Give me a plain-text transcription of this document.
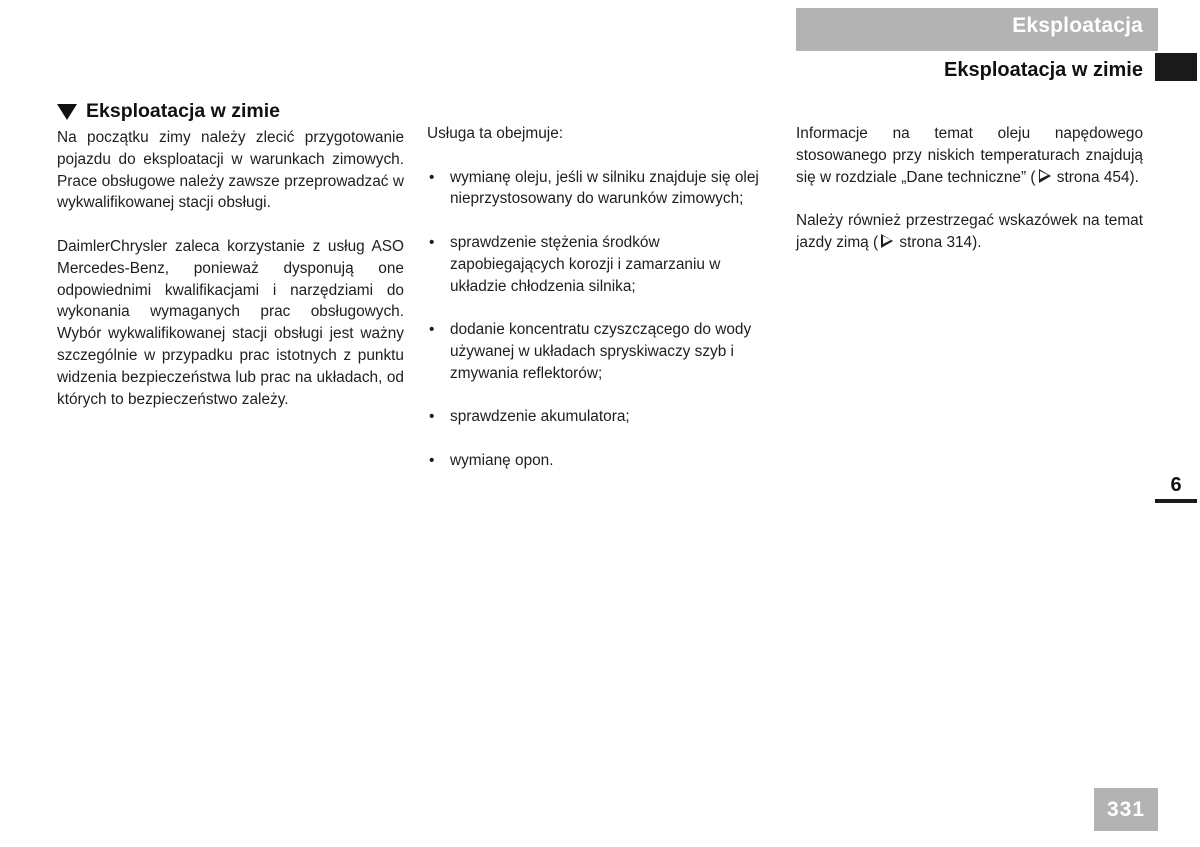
Eksploatacja
Eksploatacja w zimie
Eksploatacja w zimie

Na początku zimy należy zlecić przygotowanie pojazdu do eksploatacji w warunkach zimowych. Prace obsługowe należy zawsze przeprowadzać w wykwalifikowanej stacji obsługi.

DaimlerChrysler zaleca korzystanie z usług ASO Mercedes-Benz, ponieważ dysponują one odpowiednimi kwalifikacjami i narzędziami do wykonania wymaganych prac obsługowych. Wybór wykwalifikowanej stacji obsługi jest ważny szczególnie w przypadku prac istotnych z punktu widzenia bezpieczeństwa lub prac na układach, od których to bezpieczeństwo zależy.

Usługa ta obejmuje:

• wymianę oleju, jeśli w silniku znajduje się olej nieprzystosowany do warunków zimowych;
• sprawdzenie stężenia środków zapobiegających korozji i zamarzaniu w układzie chłodzenia silnika;
• dodanie koncentratu czyszczącego do wody używanej w układach spryskiwaczy szyb i zmywania reflektorów;
• sprawdzenie akumulatora;
• wymianę opon.

Informacje na temat oleju napędowego stosowanego przy niskich temperaturach znajdują się w rozdziale „Dane techniczne” ( strona 454).

Należy również przestrzegać wskazówek na temat jazdy zimą ( strona 314).

6
331
